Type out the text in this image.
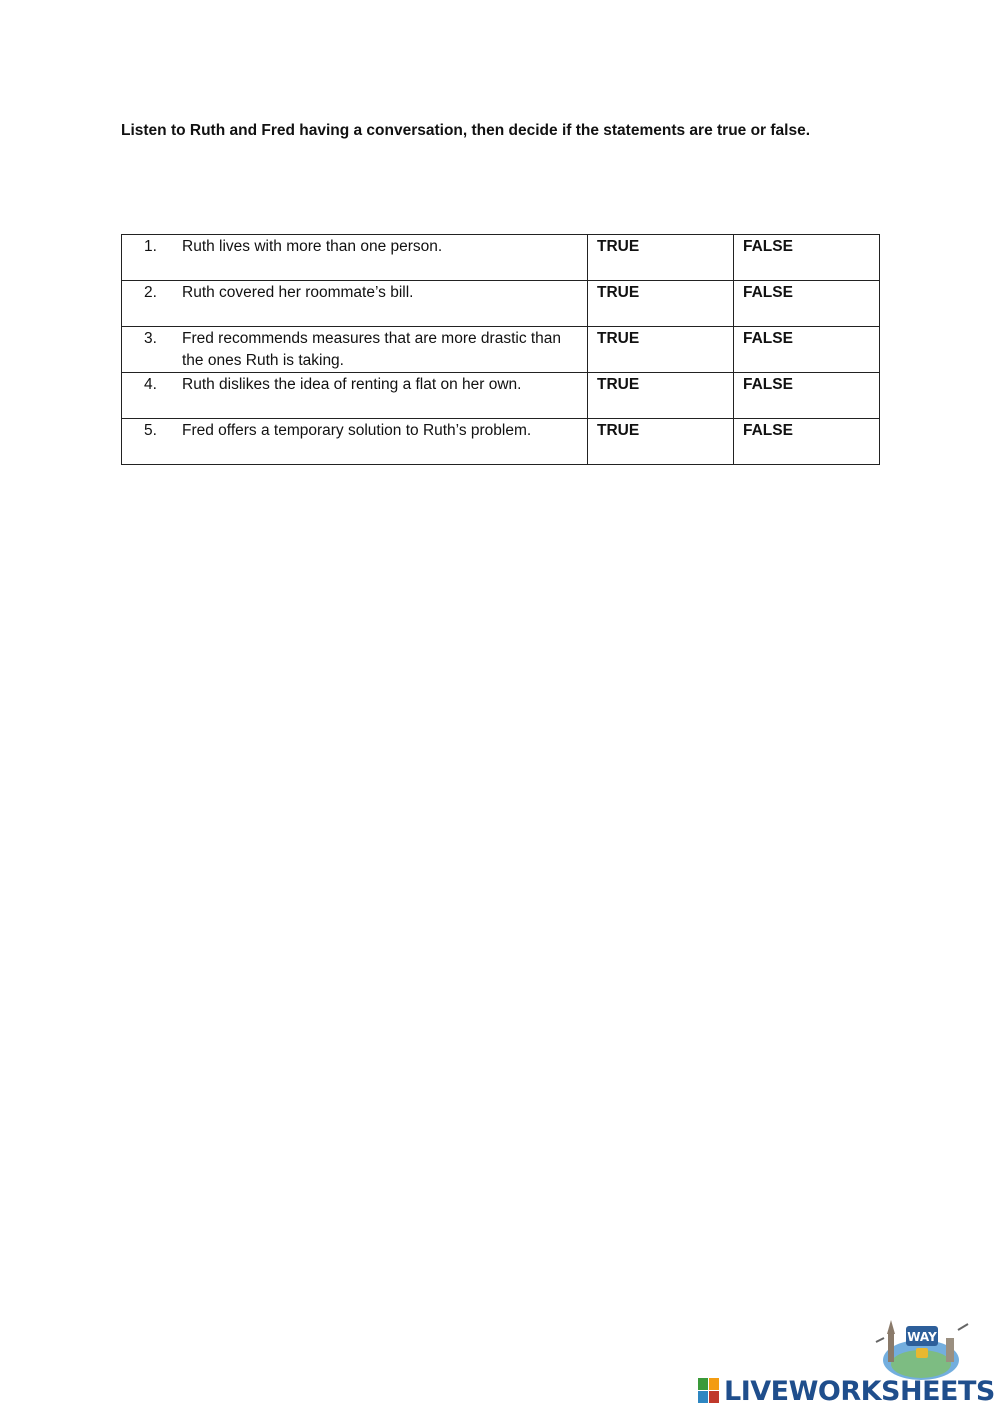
Listen to Ruth and Fred having a conversation, then decide if the statements are true or false.
1. Ruth lives with more than one person.	TRUE	FALSE

2. Ruth covered her roommate’s bill.	TRUE	FALSE

3. Fred recommends measures that are more drastic than the ones Ruth is taking.	TRUE	FALSE

4. Ruth dislikes the idea of renting a flat on her own.	TRUE	FALSE

5. Fred offers a temporary solution to Ruth’s problem.	TRUE	FALSE
WAY
LIVEWORKSHEETS
